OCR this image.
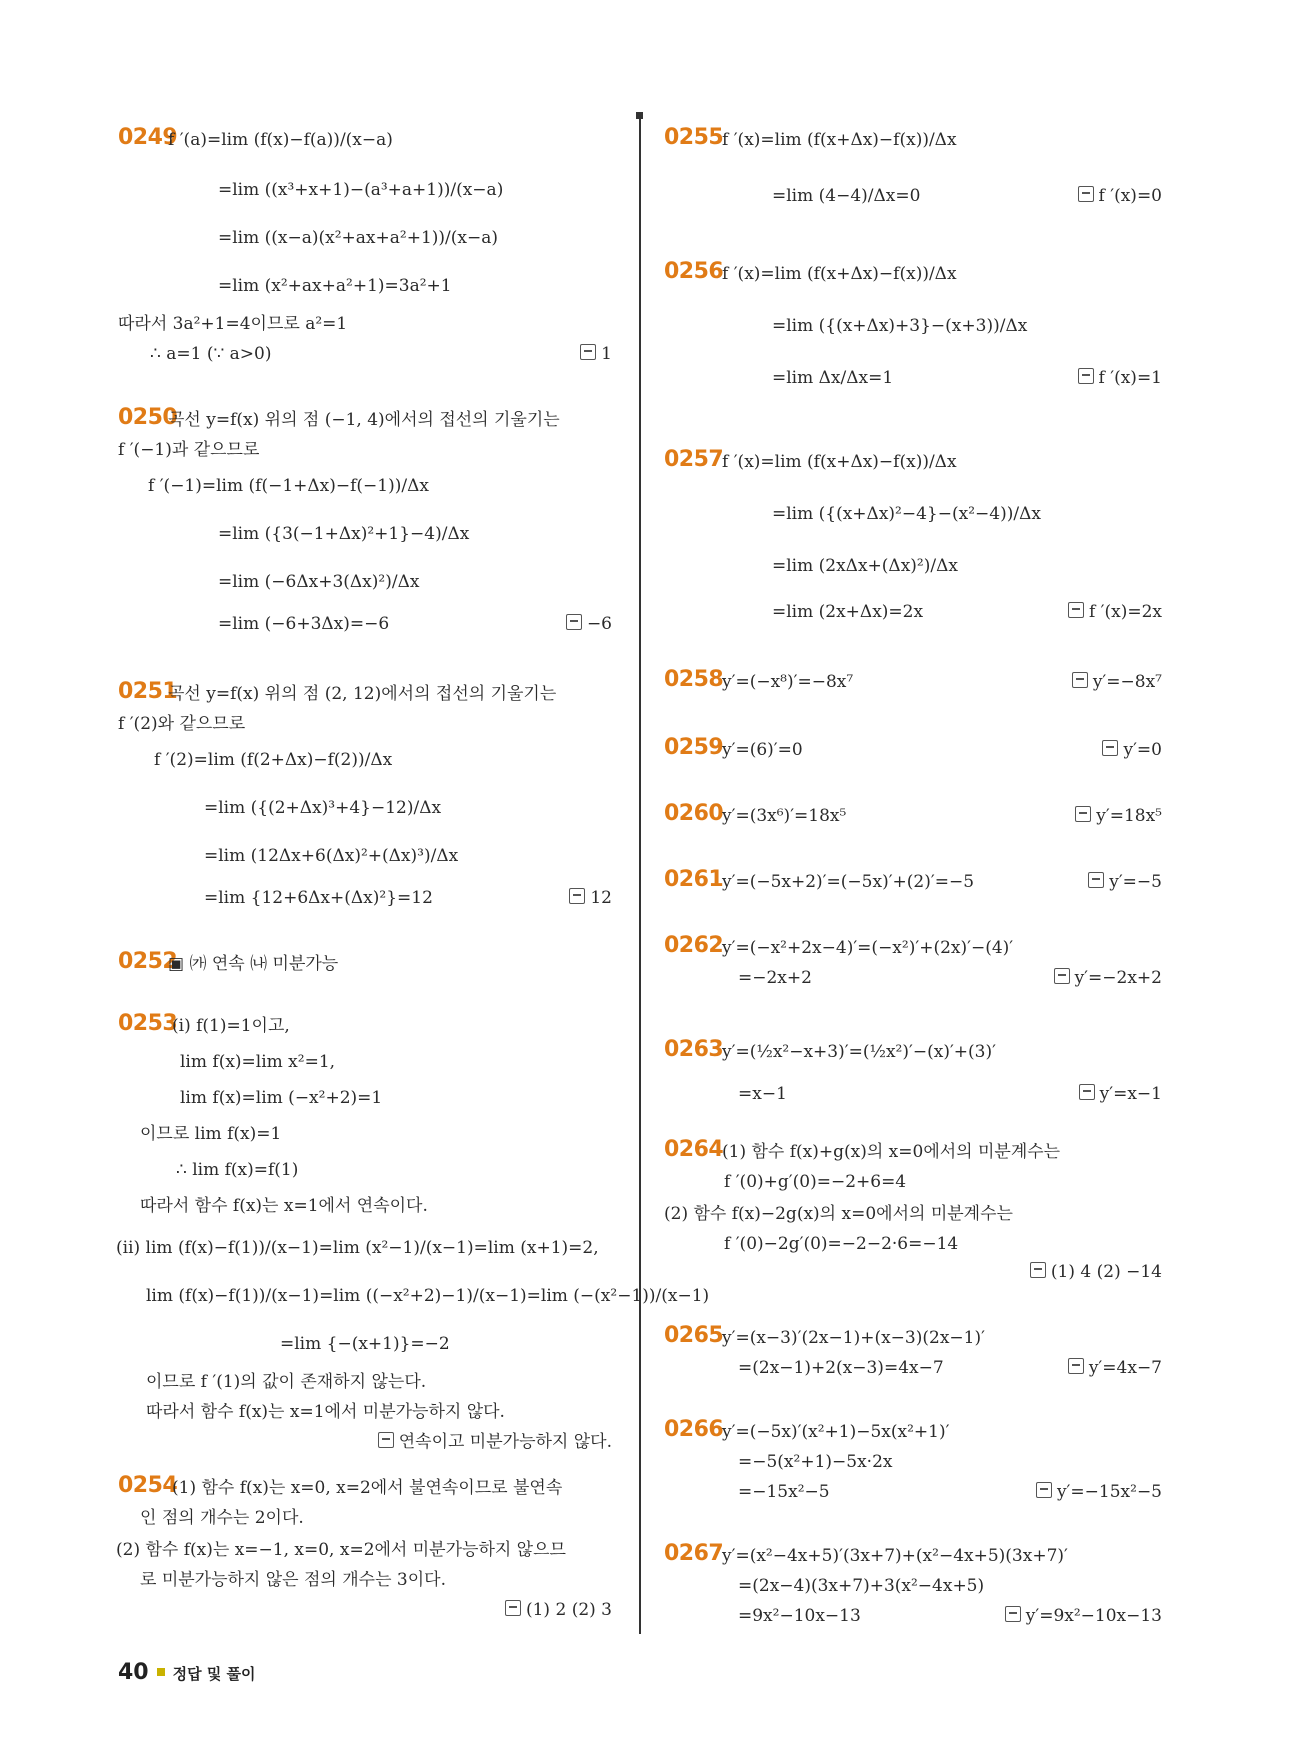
0249
f ′(a)=lim (f(x)−f(a))/(x−a)
=lim ((x³+x+1)−(a³+a+1))/(x−a)
=lim ((x−a)(x²+ax+a²+1))/(x−a)
=lim (x²+ax+a²+1)=3a²+1
따라서 3a²+1=4이므로 a²=1
∴ a=1 (∵ a>0)	1
0250
곡선 y=f(x) 위의 점 (−1, 4)에서의 접선의 기울기는
f ′(−1)과 같으므로
f ′(−1)=lim (f(−1+Δx)−f(−1))/Δx
=lim ({3(−1+Δx)²+1}−4)/Δx
=lim (−6Δx+3(Δx)²)/Δx
=lim (−6+3Δx)=−6	−6
0251
곡선 y=f(x) 위의 점 (2, 12)에서의 접선의 기울기는
f ′(2)와 같으므로
f ′(2)=lim (f(2+Δx)−f(2))/Δx
=lim ({(2+Δx)³+4}−12)/Δx
=lim (12Δx+6(Δx)²+(Δx)³)/Δx
=lim {12+6Δx+(Δx)²}=12	12
0252
▣ ㈎ 연속 ㈏ 미분가능
0253
(ⅰ) f(1)=1이고,
lim f(x)=lim x²=1,
lim f(x)=lim (−x²+2)=1
이므로 lim f(x)=1
∴ lim f(x)=f(1)
따라서 함수 f(x)는 x=1에서 연속이다.
(ⅱ) lim (f(x)−f(1))/(x−1)=lim (x²−1)/(x−1)=lim (x+1)=2,
lim (f(x)−f(1))/(x−1)=lim ((−x²+2)−1)/(x−1)=lim (−(x²−1))/(x−1)
=lim {−(x+1)}=−2
이므로 f ′(1)의 값이 존재하지 않는다.
따라서 함수 f(x)는 x=1에서 미분가능하지 않다.
연속이고 미분가능하지 않다.
0254
(1) 함수 f(x)는 x=0, x=2에서 불연속이므로 불연속
인 점의 개수는 2이다.
(2) 함수 f(x)는 x=−1, x=0, x=2에서 미분가능하지 않으므
로 미분가능하지 않은 점의 개수는 3이다.
(1) 2 (2) 3
0255
f ′(x)=lim (f(x+Δx)−f(x))/Δx
=lim (4−4)/Δx=0	f ′(x)=0
0256
f ′(x)=lim (f(x+Δx)−f(x))/Δx
=lim ({(x+Δx)+3}−(x+3))/Δx
=lim Δx/Δx=1	f ′(x)=1
0257
f ′(x)=lim (f(x+Δx)−f(x))/Δx
=lim ({(x+Δx)²−4}−(x²−4))/Δx
=lim (2xΔx+(Δx)²)/Δx
=lim (2x+Δx)=2x	f ′(x)=2x
0258
y′=(−x⁸)′=−8x⁷	y′=−8x⁷
0259
y′=(6)′=0	y′=0
0260
y′=(3x⁶)′=18x⁵	y′=18x⁵
0261
y′=(−5x+2)′=(−5x)′+(2)′=−5	y′=−5
0262
y′=(−x²+2x−4)′=(−x²)′+(2x)′−(4)′
=−2x+2	y′=−2x+2
0263
y′=(½x²−x+3)′=(½x²)′−(x)′+(3)′
=x−1	y′=x−1
0264
(1) 함수 f(x)+g(x)의 x=0에서의 미분계수는
f ′(0)+g′(0)=−2+6=4
(2) 함수 f(x)−2g(x)의 x=0에서의 미분계수는
f ′(0)−2g′(0)=−2−2·6=−14
(1) 4 (2) −14
0265
y′=(x−3)′(2x−1)+(x−3)(2x−1)′
=(2x−1)+2(x−3)=4x−7	y′=4x−7
0266
y′=(−5x)′(x²+1)−5x(x²+1)′
=−5(x²+1)−5x·2x
=−15x²−5	y′=−15x²−5
0267
y′=(x²−4x+5)′(3x+7)+(x²−4x+5)(3x+7)′
=(2x−4)(3x+7)+3(x²−4x+5)
=9x²−10x−13	y′=9x²−10x−13
40 정답 및 풀이
